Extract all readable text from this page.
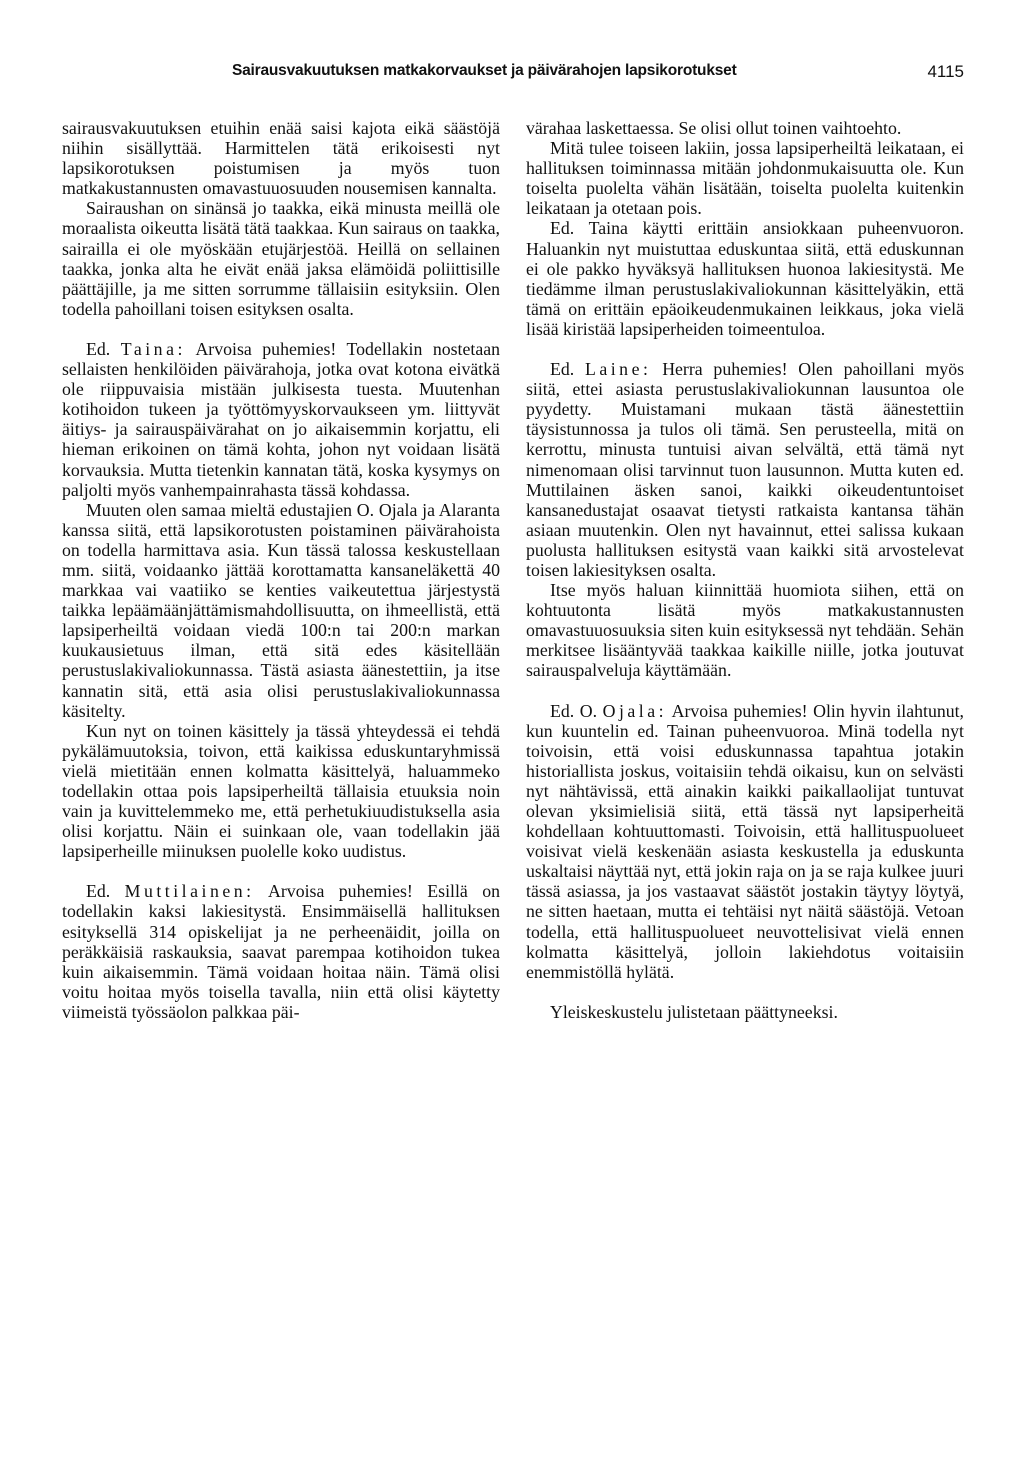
Sairausvakuutuksen matkakorvaukset ja päivärahojen lapsikorotukset	4115

sairausvakuutuksen etuihin enää saisi kajota eikä säästöjä niihin sisällyttää. Harmittelen tätä erikoisesti nyt lapsikorotuksen poistumisen ja myös tuon matkakustannusten omavastuuosuuden nousemisen kannalta.

Sairaushan on sinänsä jo taakka, eikä minusta meillä ole moraalista oikeutta lisätä tätä taakkaa. Kun sairaus on taakka, sairailla ei ole myöskään etujärjestöä. Heillä on sellainen taakka, jonka alta he eivät enää jaksa elämöidä poliittisille päättäjille, ja me sitten sorrumme tällaisiin esityksiin. Olen todella pahoillani toisen esityksen osalta.

Ed. Taina: Arvoisa puhemies! Todellakin nostetaan sellaisten henkilöiden päivärahoja, jotka ovat kotona eivätkä ole riippuvaisia mistään julkisesta tuesta. Muutenhan kotihoidon tukeen ja työttömyyskorvaukseen ym. liittyvät äitiys- ja sairauspäivärahat on jo aikaisemmin korjattu, eli hieman erikoinen on tämä kohta, johon nyt voidaan lisätä korvauksia. Mutta tietenkin kannatan tätä, koska kysymys on paljolti myös vanhempainrahasta tässä kohdassa.

Muuten olen samaa mieltä edustajien O. Ojala ja Alaranta kanssa siitä, että lapsikorotusten poistaminen päivärahoista on todella harmittava asia. Kun tässä talossa keskustellaan mm. siitä, voidaanko jättää korottamatta kansaneläkettä 40 markkaa vai vaatiiko se kenties vaikeutettua järjestystä taikka lepäämäänjättämismahdollisuutta, on ihmeellistä, että lapsiperheiltä voidaan viedä 100:n tai 200:n markan kuukausietuus ilman, että sitä edes käsitellään perustuslakivaliokunnassa. Tästä asiasta äänestettiin, ja itse kannatin sitä, että asia olisi perustuslakivaliokunnassa käsitelty.

Kun nyt on toinen käsittely ja tässä yhteydessä ei tehdä pykälämuutoksia, toivon, että kaikissa eduskuntaryhmissä vielä mietitään ennen kolmatta käsittelyä, haluammeko todellakin ottaa pois lapsiperheiltä tällaisia etuuksia noin vain ja kuvittelemmeko me, että perhetukiuudistuksella asia olisi korjattu. Näin ei suinkaan ole, vaan todellakin jää lapsiperheille miinuksen puolelle koko uudistus.

Ed. Muttilainen: Arvoisa puhemies! Esillä on todellakin kaksi lakiesitystä. Ensimmäisellä hallituksen esityksellä 314 opiskelijat ja ne perheenäidit, joilla on peräkkäisiä raskauksia, saavat parempaa kotihoidon tukea kuin aikaisemmin. Tämä voidaan hoitaa näin. Tämä olisi voitu hoitaa myös toisella tavalla, niin että olisi käytetty viimeistä työssäolon palkkaa päi-

värahaa laskettaessa. Se olisi ollut toinen vaihtoehto.

Mitä tulee toiseen lakiin, jossa lapsiperheiltä leikataan, ei hallituksen toiminnassa mitään johdonmukaisuutta ole. Kun toiselta puolelta vähän lisätään, toiselta puolelta kuitenkin leikataan ja otetaan pois.

Ed. Taina käytti erittäin ansiokkaan puheenvuoron. Haluankin nyt muistuttaa eduskuntaa siitä, että eduskunnan ei ole pakko hyväksyä hallituksen huonoa lakiesitystä. Me tiedämme ilman perustuslakivaliokunnan käsittelyäkin, että tämä on erittäin epäoikeudenmukainen leikkaus, joka vielä lisää kiristää lapsiperheiden toimeentuloa.

Ed. Laine: Herra puhemies! Olen pahoillani myös siitä, ettei asiasta perustuslakivaliokunnan lausuntoa ole pyydetty. Muistamani mukaan tästä äänestettiin täysistunnossa ja tulos oli tämä. Sen perusteella, mitä on kerrottu, minusta tuntuisi aivan selvältä, että tämä nyt nimenomaan olisi tarvinnut tuon lausunnon. Mutta kuten ed. Muttilainen äsken sanoi, kaikki oikeudentuntoiset kansanedustajat osaavat tietysti ratkaista kantansa tähän asiaan muutenkin. Olen nyt havainnut, ettei salissa kukaan puolusta hallituksen esitystä vaan kaikki sitä arvostelevat toisen lakiesityksen osalta.

Itse myös haluan kiinnittää huomiota siihen, että on kohtuutonta lisätä myös matkakustannusten omavastuuosuuksia siten kuin esityksessä nyt tehdään. Sehän merkitsee lisääntyvää taakkaa kaikille niille, jotka joutuvat sairauspalveluja käyttämään.

Ed. O. Ojala: Arvoisa puhemies! Olin hyvin ilahtunut, kun kuuntelin ed. Tainan puheenvuoroa. Minä todella nyt toivoisin, että voisi eduskunnassa tapahtua jotakin historiallista joskus, voitaisiin tehdä oikaisu, kun on selvästi nyt nähtävissä, että ainakin kaikki paikallaolijat tuntuvat olevan yksimielisiä siitä, että tässä nyt lapsiperheitä kohdellaan kohtuuttomasti. Toivoisin, että hallituspuolueet voisivat vielä keskenään asiasta keskustella ja eduskunta uskaltaisi näyttää nyt, että jokin raja on ja se raja kulkee juuri tässä asiassa, ja jos vastaavat säästöt jostakin täytyy löytyä, ne sitten haetaan, mutta ei tehtäisi nyt näitä säästöjä. Vetoan todella, että hallituspuolueet neuvottelisivat vielä ennen kolmatta käsittelyä, jolloin lakiehdotus voitaisiin enemmistöllä hylätä.

Yleiskeskustelu julistetaan päättyneeksi.
